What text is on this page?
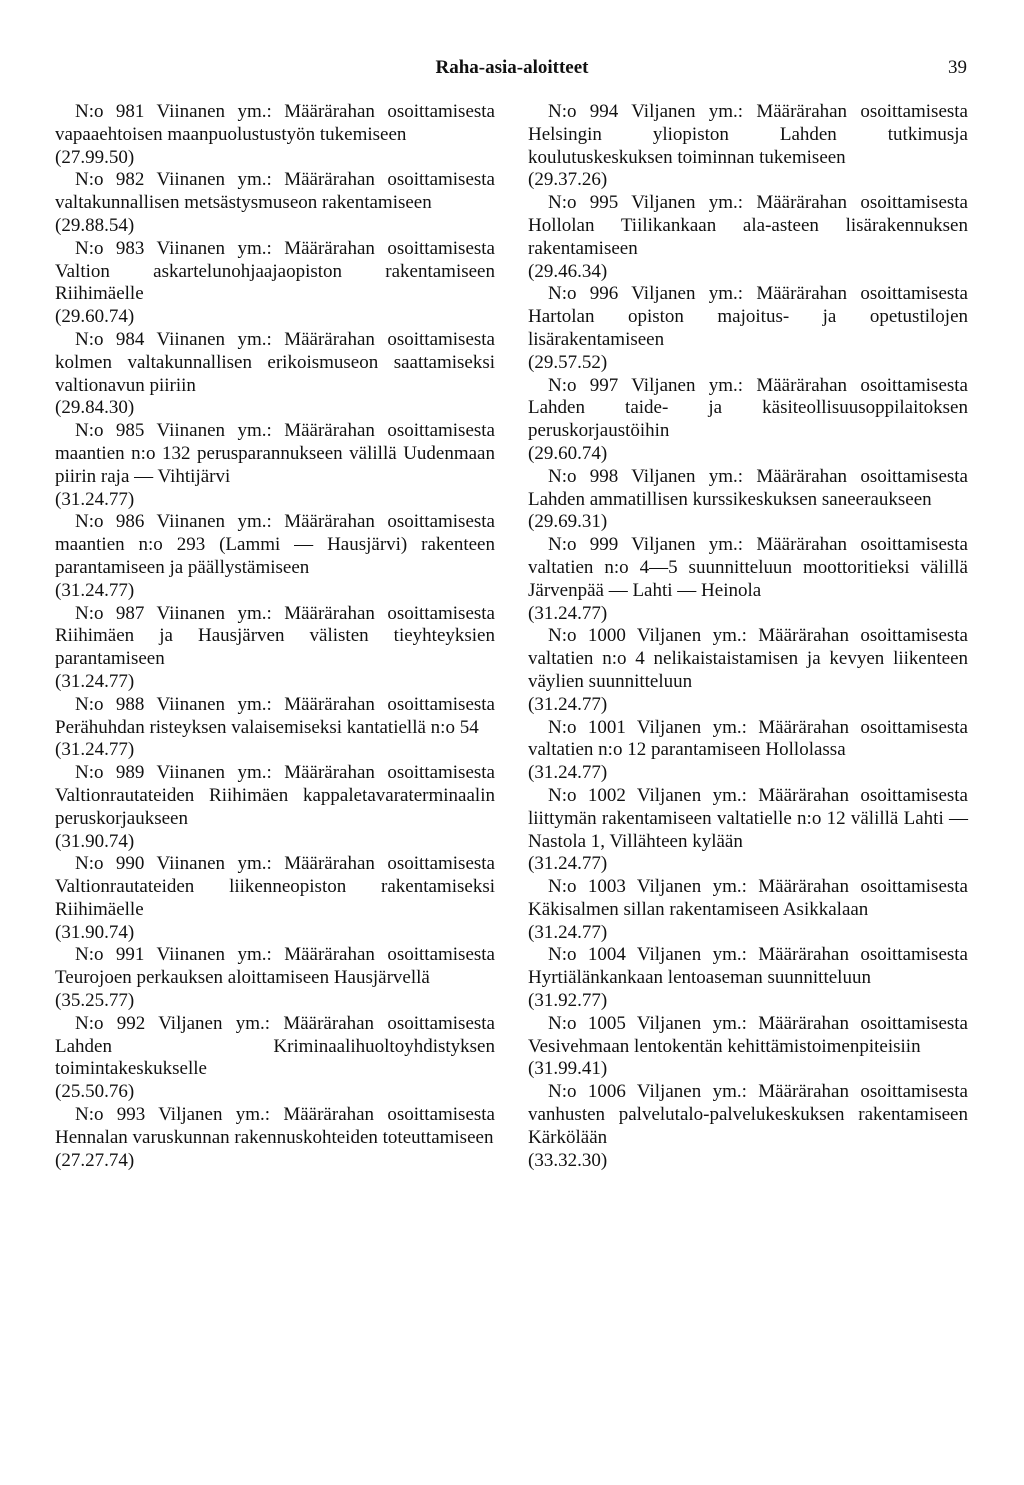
Raha-asia-aloitteet	39

N:o 981 Viinanen ym.: Määrärahan osoittamisesta vapaaehtoisen maanpuolustustyön tukemiseen

(27.99.50)

N:o 982 Viinanen ym.: Määrärahan osoittamisesta valtakunnallisen metsästysmuseon rakentamiseen

(29.88.54)

N:o 983 Viinanen ym.: Määrärahan osoittamisesta Valtion askartelunohjaajaopiston rakentamiseen Riihimäelle

(29.60.74)

N:o 984 Viinanen ym.: Määrärahan osoittamisesta kolmen valtakunnallisen erikoismuseon saattamiseksi valtionavun piiriin

(29.84.30)

N:o 985 Viinanen ym.: Määrärahan osoittamisesta maantien n:o 132 perusparannukseen välillä Uudenmaan piirin raja — Vihtijärvi

(31.24.77)

N:o 986 Viinanen ym.: Määrärahan osoittamisesta maantien n:o 293 (Lammi — Hausjärvi) rakenteen parantamiseen ja päällystämiseen

(31.24.77)

N:o 987 Viinanen ym.: Määrärahan osoittamisesta Riihimäen ja Hausjärven välisten tieyhteyksien parantamiseen

(31.24.77)

N:o 988 Viinanen ym.: Määrärahan osoittamisesta Perähuhdan risteyksen valaisemiseksi kantatiellä n:o 54

(31.24.77)

N:o 989 Viinanen ym.: Määrärahan osoittamisesta Valtionrautateiden Riihimäen kappaletavaraterminaalin peruskorjaukseen

(31.90.74)

N:o 990 Viinanen ym.: Määrärahan osoittamisesta Valtionrautateiden liikenneopiston rakentamiseksi Riihimäelle

(31.90.74)

N:o 991 Viinanen ym.: Määrärahan osoittamisesta Teurojoen perkauksen aloittamiseen Hausjärvellä

(35.25.77)

N:o 992 Viljanen ym.: Määrärahan osoittamisesta Lahden Kriminaalihuoltoyhdistyksen toimintakeskukselle

(25.50.76)

N:o 993 Viljanen ym.: Määrärahan osoittamisesta Hennalan varuskunnan rakennuskohteiden toteuttamiseen

(27.27.74)

N:o 994 Viljanen ym.: Määrärahan osoittamisesta Helsingin yliopiston Lahden tutkimusja koulutuskeskuksen toiminnan tukemiseen

(29.37.26)

N:o 995 Viljanen ym.: Määrärahan osoittamisesta Hollolan Tiilikankaan ala-asteen lisärakennuksen rakentamiseen

(29.46.34)

N:o 996 Viljanen ym.: Määrärahan osoittamisesta Hartolan opiston majoitus- ja opetustilojen lisärakentamiseen

(29.57.52)

N:o 997 Viljanen ym.: Määrärahan osoittamisesta Lahden taide- ja käsiteollisuusoppilaitoksen peruskorjaustöihin

(29.60.74)

N:o 998 Viljanen ym.: Määrärahan osoittamisesta Lahden ammatillisen kurssikeskuksen saneeraukseen

(29.69.31)

N:o 999 Viljanen ym.: Määrärahan osoittamisesta valtatien n:o 4—5 suunnitteluun moottoritieksi välillä Järvenpää — Lahti — Heinola

(31.24.77)

N:o 1000 Viljanen ym.: Määrärahan osoittamisesta valtatien n:o 4 nelikaistaistamisen ja kevyen liikenteen väylien suunnitteluun

(31.24.77)

N:o 1001 Viljanen ym.: Määrärahan osoittamisesta valtatien n:o 12 parantamiseen Hollolassa

(31.24.77)

N:o 1002 Viljanen ym.: Määrärahan osoittamisesta liittymän rakentamiseen valtatielle n:o 12 välillä Lahti — Nastola 1, Villähteen kylään

(31.24.77)

N:o 1003 Viljanen ym.: Määrärahan osoittamisesta Käkisalmen sillan rakentamiseen Asikkalaan

(31.24.77)

N:o 1004 Viljanen ym.: Määrärahan osoittamisesta Hyrtiälänkankaan lentoaseman suunnitteluun

(31.92.77)

N:o 1005 Viljanen ym.: Määrärahan osoittamisesta Vesivehmaan lentokentän kehittämistoimenpiteisiin

(31.99.41)

N:o 1006 Viljanen ym.: Määrärahan osoittamisesta vanhusten palvelutalo-palvelukeskuksen rakentamiseen Kärkölään

(33.32.30)
